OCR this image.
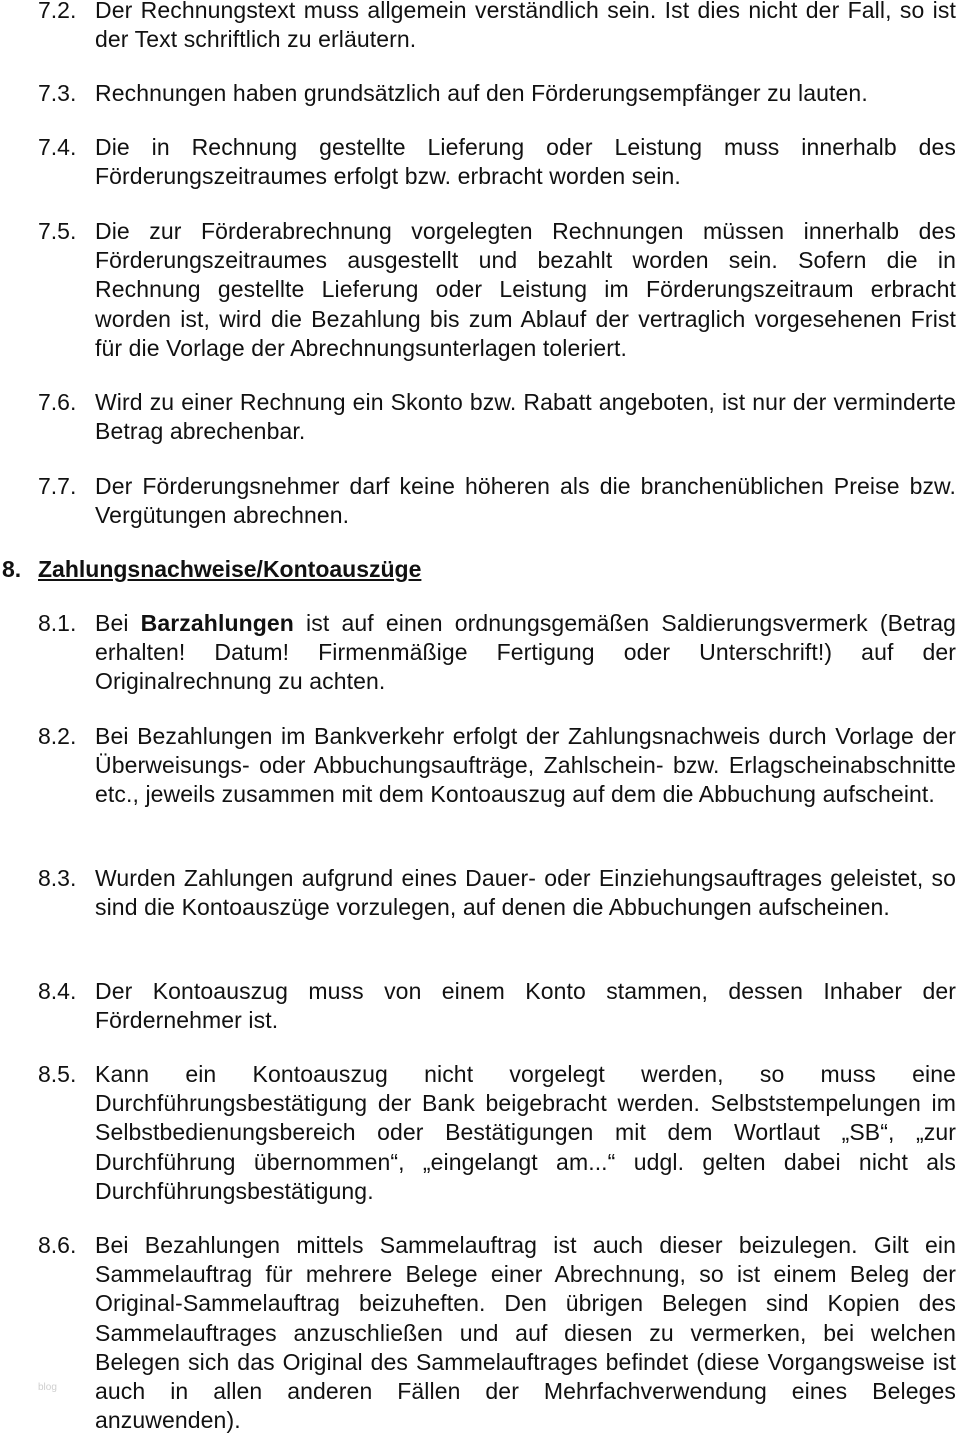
7.2. Der Rechnungstext muss allgemein verständlich sein. Ist dies nicht der Fall, so ist der Text schriftlich zu erläutern.
7.3. Rechnungen haben grundsätzlich auf den Förderungsempfänger zu lauten.
7.4. Die in Rechnung gestellte Lieferung oder Leistung muss innerhalb des Förderungszeitraumes erfolgt bzw. erbracht worden sein.
7.5. Die zur Förderabrechnung vorgelegten Rechnungen müssen innerhalb des Förderungszeitraumes ausgestellt und bezahlt worden sein. Sofern die in Rechnung gestellte Lieferung oder Leistung im Förderungszeitraum erbracht worden ist, wird die Bezahlung bis zum Ablauf der vertraglich vorgesehenen Frist für die Vorlage der Abrechnungsunterlagen toleriert.
7.6. Wird zu einer Rechnung ein Skonto bzw. Rabatt angeboten, ist nur der verminderte Betrag abrechenbar.
7.7. Der Förderungsnehmer darf keine höheren als die branchenüblichen Preise bzw. Vergütungen abrechnen.
8. Zahlungsnachweise/Kontoauszüge
8.1. Bei Barzahlungen ist auf einen ordnungsgemäßen Saldierungsvermerk (Betrag erhalten! Datum! Firmenmäßige Fertigung oder Unterschrift!) auf der Originalrechnung zu achten.
8.2. Bei Bezahlungen im Bankverkehr erfolgt der Zahlungsnachweis durch Vorlage der Überweisungs- oder Abbuchungsaufträge, Zahlschein- bzw. Erlagscheinabschnitte etc., jeweils zusammen mit dem Kontoauszug auf dem die Abbuchung aufscheint.
8.3. Wurden Zahlungen aufgrund eines Dauer- oder Einziehungsauftrages geleistet, so sind die Kontoauszüge vorzulegen, auf denen die Abbuchungen aufscheinen.
8.4. Der Kontoauszug muss von einem Konto stammen, dessen Inhaber der Fördernehmer ist.
8.5. Kann ein Kontoauszug nicht vorgelegt werden, so muss eine Durchführungsbestätigung der Bank beigebracht werden. Selbststempelungen im Selbstbedienungsbereich oder Bestätigungen mit dem Wortlaut „SB“, „zur Durchführung übernommen“, „eingelangt am...“ udgl. gelten dabei nicht als Durchführungsbestätigung.
8.6. Bei Bezahlungen mittels Sammelauftrag ist auch dieser beizulegen. Gilt ein Sammelauftrag für mehrere Belege einer Abrechnung, so ist einem Beleg der Original-Sammelauftrag beizuheften. Den übrigen Belegen sind Kopien des Sammelauftrages anzuschließen und auf diesen zu vermerken, bei welchen Belegen sich das Original des Sammelauftrages befindet (diese Vorgangsweise ist auch in allen anderen Fällen der Mehrfachverwendung eines Beleges anzuwenden).
blog
